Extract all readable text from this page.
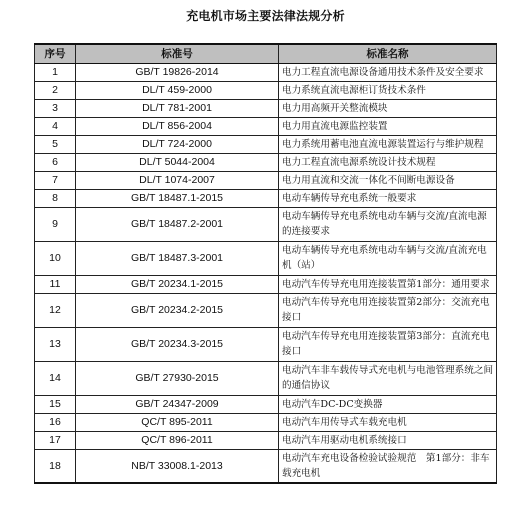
充电机市场主要法律法规分析
序号	标准号	标准名称
1	GB/T 19826-2014	电力工程直流电源设备通用技术条件及安全要求
2	DL/T 459-2000	电力系统直流电源柜订货技术条件
3	DL/T 781-2001	电力用高频开关整流模块
4	DL/T 856-2004	电力用直流电源监控装置
5	DL/T 724-2000	电力系统用蓄电池直流电源装置运行与维护规程
6	DL/T 5044-2004	电力工程直流电源系统设计技术规程
7	DL/T 1074-2007	电力用直流和交流一体化不间断电源设备
8	GB/T 18487.1-2015	电动车辆传导充电系统一般要求
9	GB/T 18487.2-2001	电动车辆传导充电系统电动车辆与交流/直流电源的连接要求
10	GB/T 18487.3-2001	电动车辆传导充电系统电动车辆与交流/直流充电机（站）
11	GB/T 20234.1-2015	电动汽车传导充电用连接装置第1部分：通用要求
12	GB/T 20234.2-2015	电动汽车传导充电用连接装置第2部分：交流充电接口
13	GB/T 20234.3-2015	电动汽车传导充电用连接装置第3部分：直流充电接口
14	GB/T 27930-2015	电动汽车非车载传导式充电机与电池管理系统之间的通信协议
15	GB/T 24347-2009	电动汽车DC-DC变换器
16	QC/T 895-2011	电动汽车用传导式车载充电机
17	QC/T 896-2011	电动汽车用驱动电机系统接口
18	NB/T 33008.1-2013	电动汽车充电设备检验试验规范　第1部分：非车载充电机
